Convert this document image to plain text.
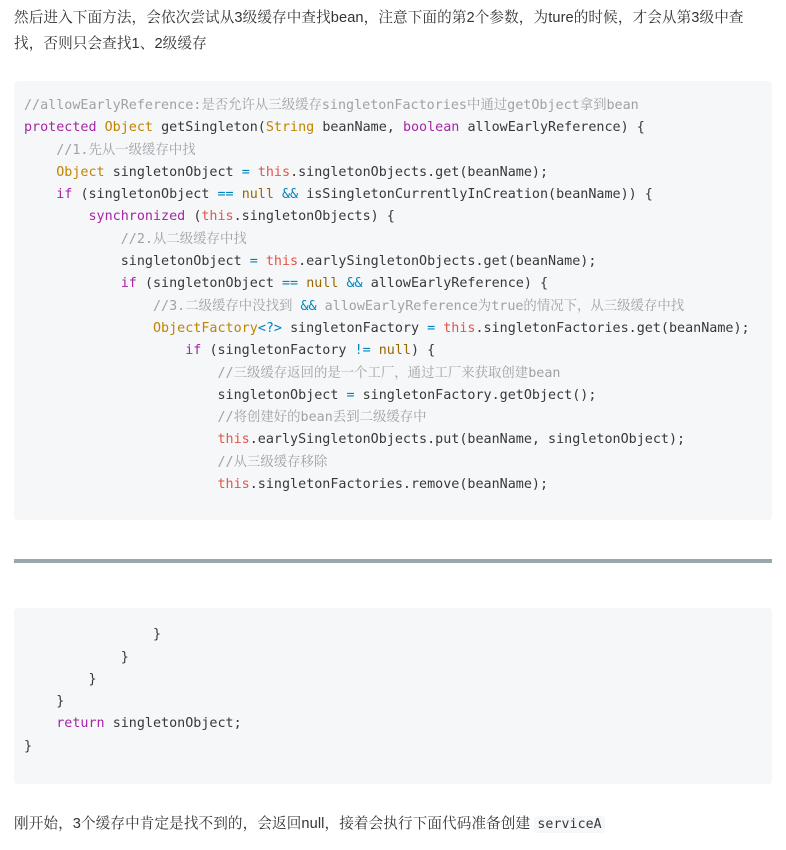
然后进入下面方法，会依次尝试从3级缓存中查找bean，注意下面的第2个参数，为ture的时候，才会从第3级中查找，否则只会查找1、2级缓存

//allowEarlyReference:是否允许从三级缓存singletonFactories中通过getObject拿到bean
protected Object getSingleton(String beanName, boolean allowEarlyReference) {
//1.先从一级缓存中找
Object singletonObject = this.singletonObjects.get(beanName);
if (singletonObject == null && isSingletonCurrentlyInCreation(beanName)) {
synchronized (this.singletonObjects) {
//2.从二级缓存中找
singletonObject = this.earlySingletonObjects.get(beanName);
if (singletonObject == null && allowEarlyReference) {
//3.二级缓存中没找到 && allowEarlyReference为true的情况下，从三级缓存中找
ObjectFactory<?> singletonFactory = this.singletonFactories.get(beanName);
if (singletonFactory != null) {
//三级缓存返回的是一个工厂，通过工厂来获取创建bean
singletonObject = singletonFactory.getObject();
//将创建好的bean丢到二级缓存中
this.earlySingletonObjects.put(beanName, singletonObject);
//从三级缓存移除
this.singletonFactories.remove(beanName);
}
}
}
}
return singletonObject;
}

刚开始，3个缓存中肯定是找不到的，会返回null，接着会执行下面代码准备创建 serviceA
